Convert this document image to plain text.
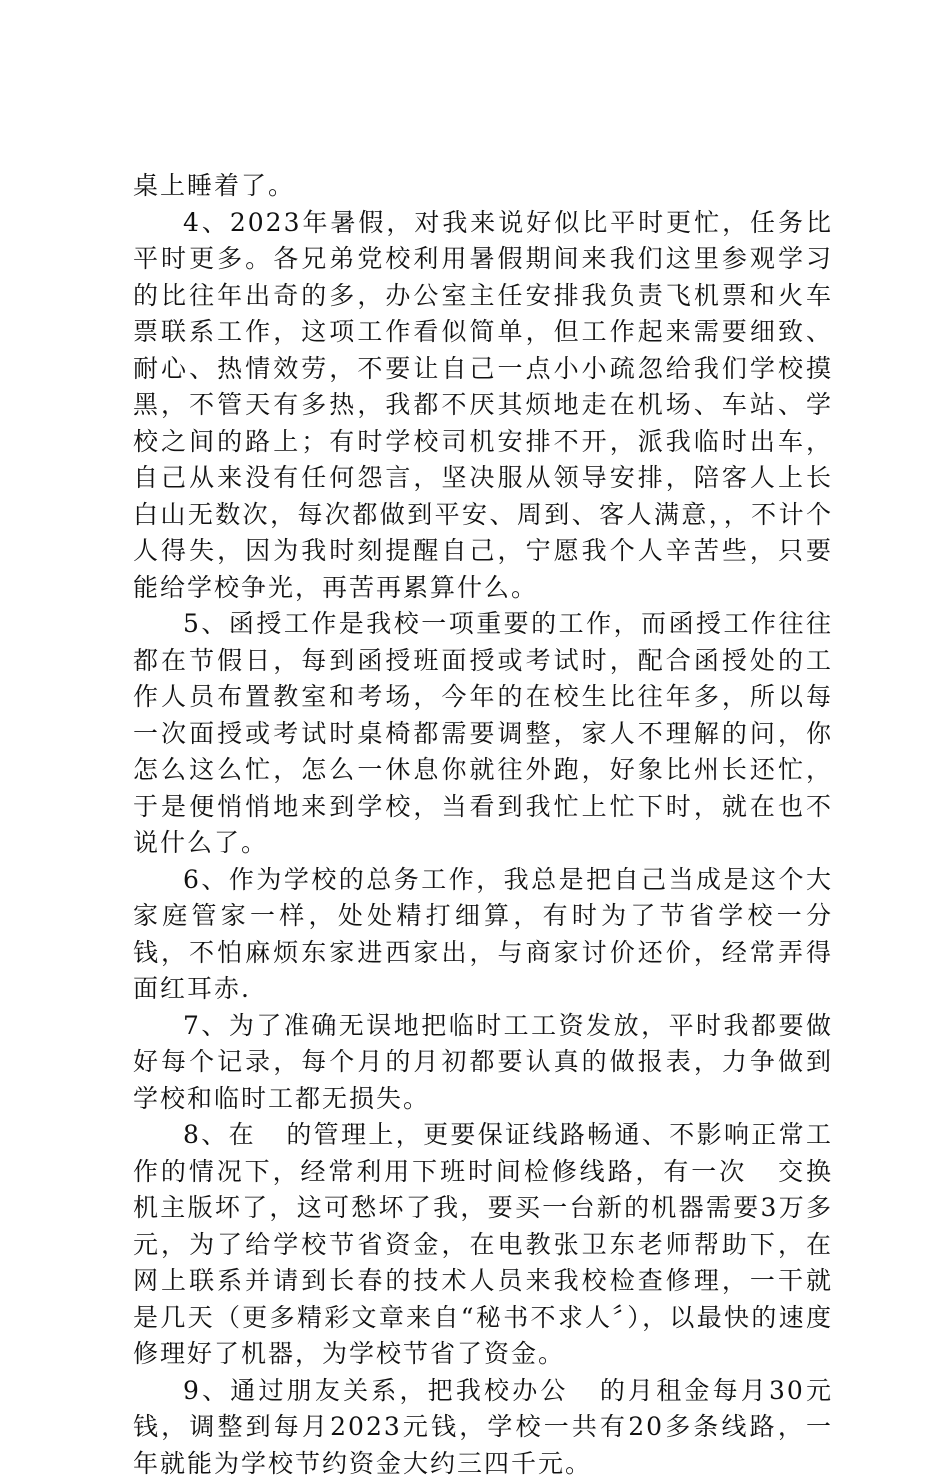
桌上睡着了。

4、2023年暑假，对我来说好似比平时更忙，任务比平时更多。各兄弟党校利用暑假期间来我们这里参观学习的比往年出奇的多，办公室主任安排我负责飞机票和火车票联系工作，这项工作看似简单，但工作起来需要细致、耐心、热情效劳，不要让自己一点小小疏忽给我们学校摸黑，不管天有多热，我都不厌其烦地走在机场、车站、学校之间的路上；有时学校司机安排不开，派我临时出车，自己从来没有任何怨言，坚决服从领导安排，陪客人上长白山无数次，每次都做到平安、周到、客人满意，，不计个人得失，因为我时刻提醒自己，宁愿我个人辛苦些，只要能给学校争光，再苦再累算什么。

5、函授工作是我校一项重要的工作，而函授工作往往都在节假日，每到函授班面授或考试时，配合函授处的工作人员布置教室和考场，今年的在校生比往年多，所以每一次面授或考试时桌椅都需要调整，家人不理解的问，你怎么这么忙，怎么一休息你就往外跑，好象比州长还忙，于是便悄悄地来到学校，当看到我忙上忙下时，就在也不说什么了。

6、作为学校的总务工作，我总是把自己当成是这个大家庭管家一样，处处精打细算，有时为了节省学校一分钱，不怕麻烦东家进西家出，与商家讨价还价，经常弄得面红耳赤.

7、为了准确无误地把临时工工资发放，平时我都要做好每个记录，每个月的月初都要认真的做报表，力争做到学校和临时工都无损失。

8、在 的管理上，更要保证线路畅通、不影响正常工作的情况下，经常利用下班时间检修线路，有一次 交换机主版坏了，这可愁坏了我，要买一台新的机器需要3万多元，为了给学校节省资金，在电教张卫东老师帮助下，在网上联系并请到长春的技术人员来我校检查修理，一干就是几天（更多精彩文章来自“秘书不求人〞），以最快的速度修理好了机器，为学校节省了资金。

9、通过朋友关系，把我校办公 的月租金每月30元钱，调整到每月2023元钱，学校一共有20多条线路，一年就能为学校节约资金大约三四千元。
